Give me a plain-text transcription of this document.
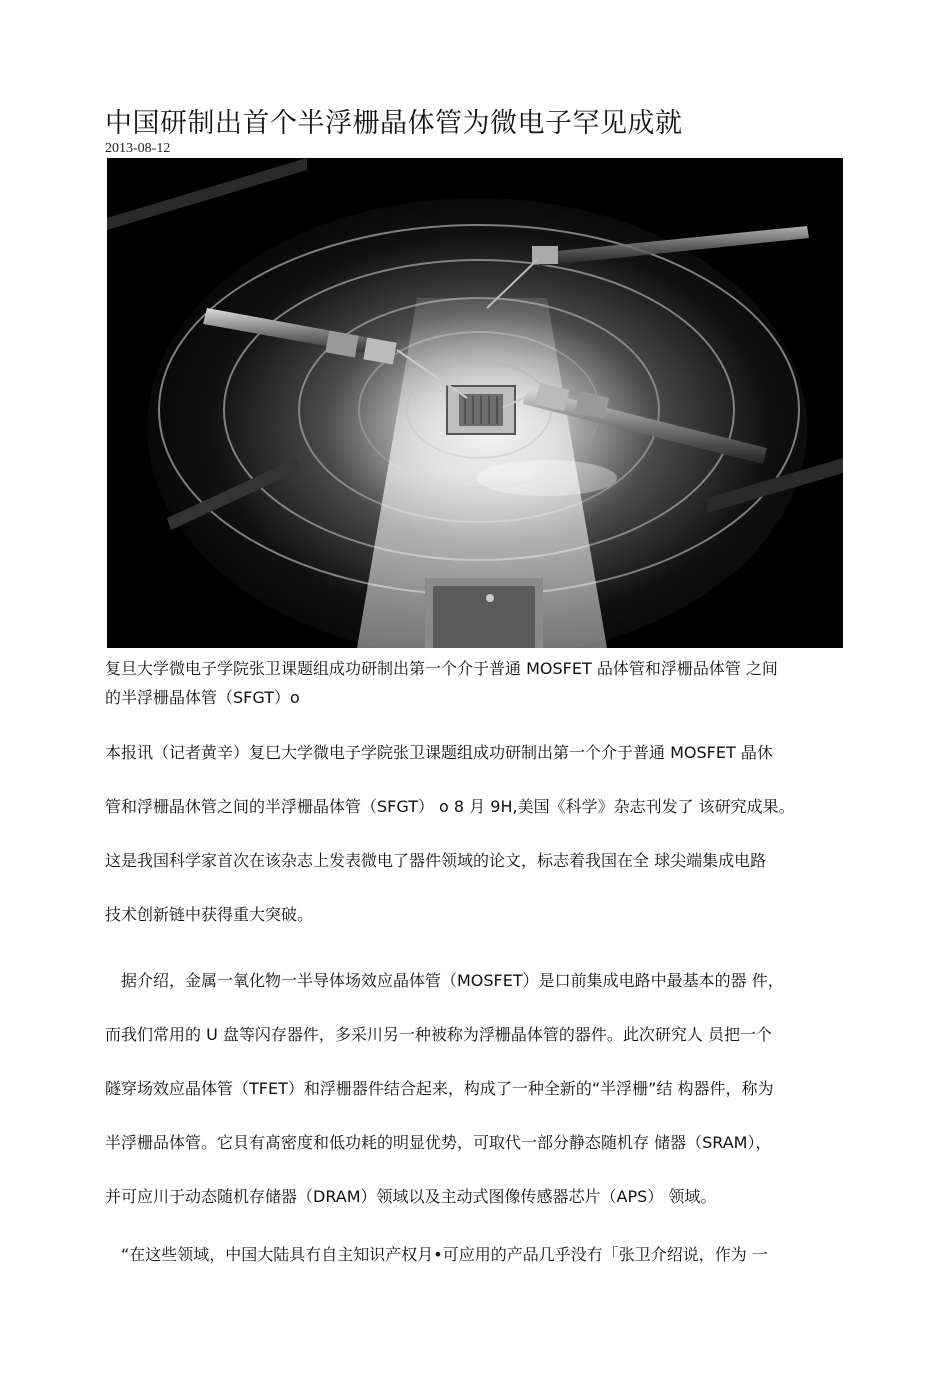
中国研制出首个半浮栅晶体管为微电子罕见成就
2013-08-12
复旦大学微电子学院张卫课题组成功研制出第一个介于普通 MOSFET 品体管和浮栅品体管 之间
的半浮栅晶体管（SFGT）o
本报讯（记者黄辛）复巳大学微电子学院张卫课题组成功研制出第一个介于普通 MOSFET 晶休
管和浮栅晶休管之间的半浮栅晶体管（SFGT） o 8 月 9H,美国《科学》杂志刊发了 该研究成果。
这是我国科学家首次在该杂志上发表微电了器件领域的论文，标志着我国在全 球尖端集成电路
技术创新链中获得重大突破。
　据介绍，金属一氧化物一半导体场效应晶体管（MOSFET）是口前集成电路中最基本的器 件，
而我们常用的 U 盘等闪存器件，多采川另一种被称为浮栅晶体管的器件。此次研究人 员把一个
隧穿场效应晶体管（TFET）和浮栅器件结合起来，构成了一种全新的“半浮栅”结 构器件，称为
半浮栅品体管。它貝有髙密度和低功耗的明显优势，可取代一部分静态随机存 储器（SRAM），
并可应川于动态随机存储器（DRAM）领域以及主动式图像传感器芯片（APS） 领域。
　“在这些领域，中国大陆具冇自主知识产权月•可应用的产品几乎没冇「张卫介绍说，作为 一
